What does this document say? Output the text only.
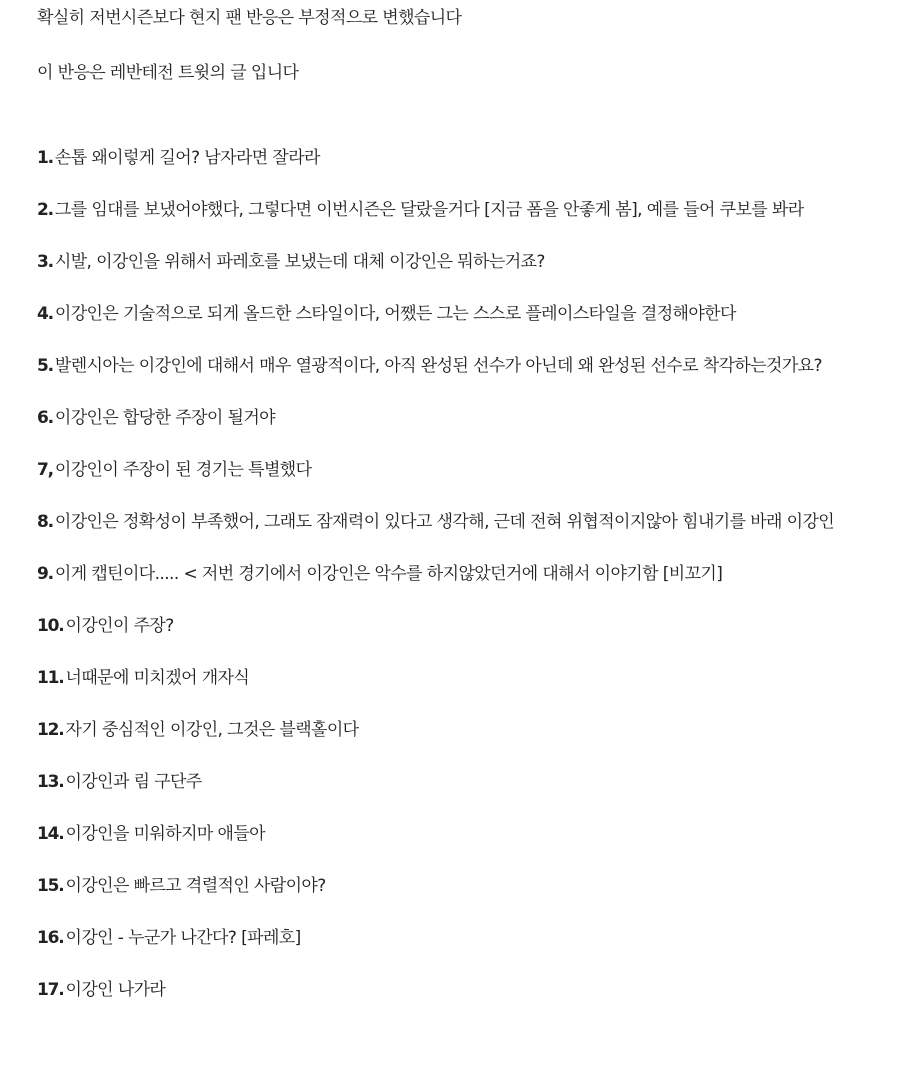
확실히 저번시즌보다 현지 팬 반응은 부정적으로 변했습니다
이 반응은 레반테전 트윗의 글 입니다
1. 손톱 왜이렇게 길어? 남자라면 잘라라
2. 그를 임대를 보냈어야했다, 그렇다면 이번시즌은 달랐을거다 [지금 폼을 안좋게 봄], 예를 들어 쿠보를 봐라
3. 시발, 이강인을 위해서 파레호를 보냈는데 대체 이강인은 뭐하는거죠?
4. 이강인은 기술적으로 되게 올드한 스타일이다, 어쨌든 그는 스스로 플레이스타일을 결정해야한다
5. 발렌시아는 이강인에 대해서 매우 열광적이다, 아직 완성된 선수가 아닌데 왜 완성된 선수로 착각하는것가요?
6. 이강인은 합당한 주장이 될거야
7, 이강인이 주장이 된 경기는 특별했다
8. 이강인은 정확성이 부족했어, 그래도 잠재력이 있다고 생각해, 근데 전혀 위협적이지않아 힘내기를 바래 이강인
9. 이게 캡틴이다..... < 저번 경기에서 이강인은 악수를 하지않았던거에 대해서 이야기함 [비꼬기]
10. 이강인이 주장?
11. 너때문에 미치겠어 개자식
12. 자기 중심적인 이강인, 그것은 블랙홀이다
13. 이강인과 림 구단주
14. 이강인을 미워하지마 애들아
15. 이강인은 빠르고 격렬적인 사람이야?
16. 이강인 - 누군가 나간다? [파레호]
17. 이강인 나가라
